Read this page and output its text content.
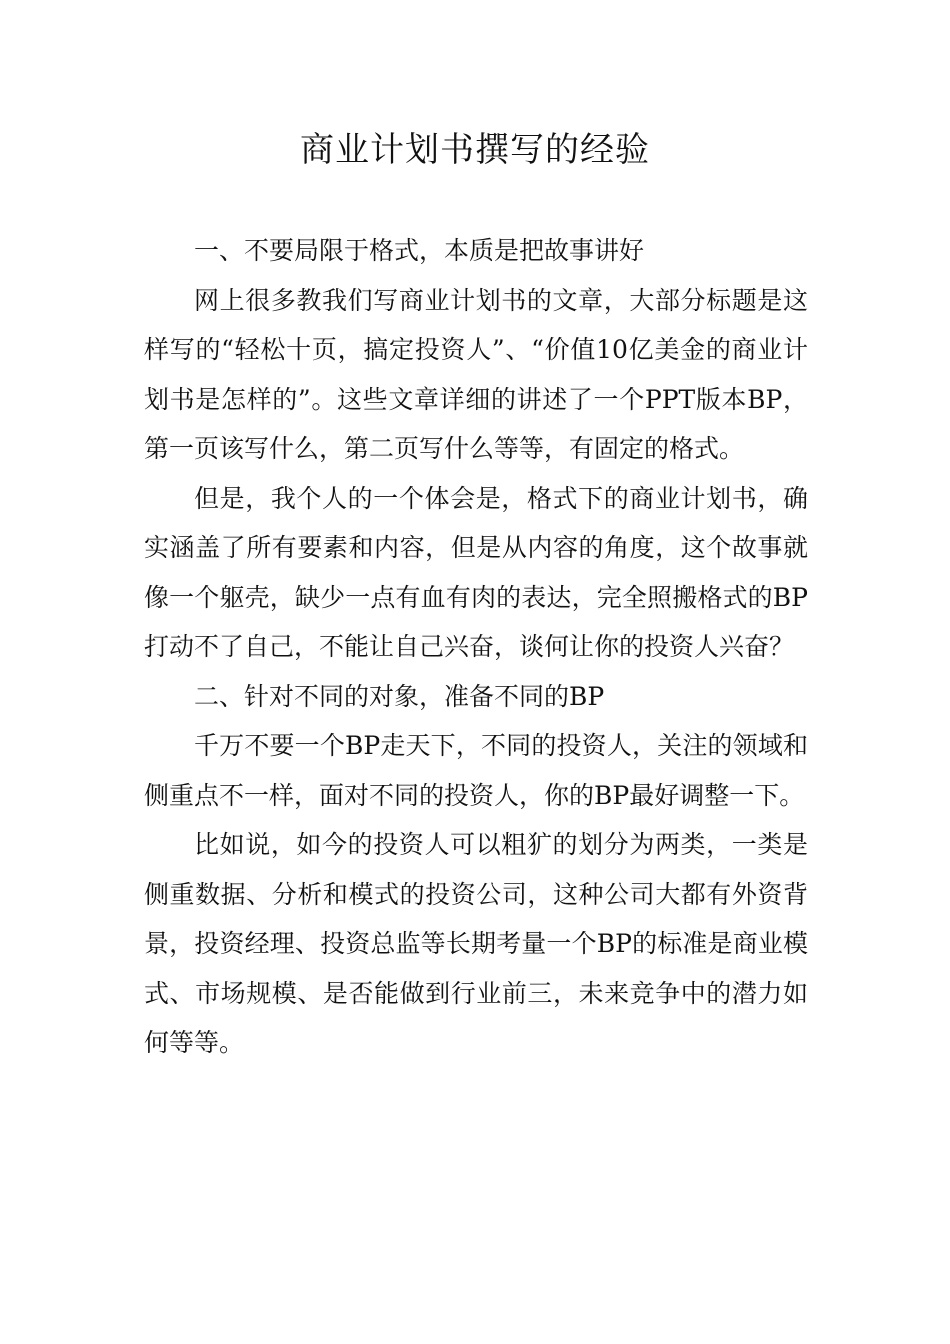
商业计划书撰写的经验

一、不要局限于格式，本质是把故事讲好

网上很多教我们写商业计划书的文章，大部分标题是这样写的“轻松十页，搞定投资人”、“价值10亿美金的商业计划书是怎样的”。这些文章详细的讲述了一个PPT版本BP，第一页该写什么，第二页写什么等等，有固定的格式。

但是，我个人的一个体会是，格式下的商业计划书，确实涵盖了所有要素和内容，但是从内容的角度，这个故事就像一个躯壳，缺少一点有血有肉的表达，完全照搬格式的BP打动不了自己，不能让自己兴奋，谈何让你的投资人兴奋？

二、针对不同的对象，准备不同的BP

千万不要一个BP走天下，不同的投资人，关注的领域和侧重点不一样，面对不同的投资人，你的BP最好调整一下。

比如说，如今的投资人可以粗犷的划分为两类，一类是侧重数据、分析和模式的投资公司，这种公司大都有外资背景，投资经理、投资总监等长期考量一个BP的标准是商业模式、市场规模、是否能做到行业前三，未来竞争中的潜力如何等等。
